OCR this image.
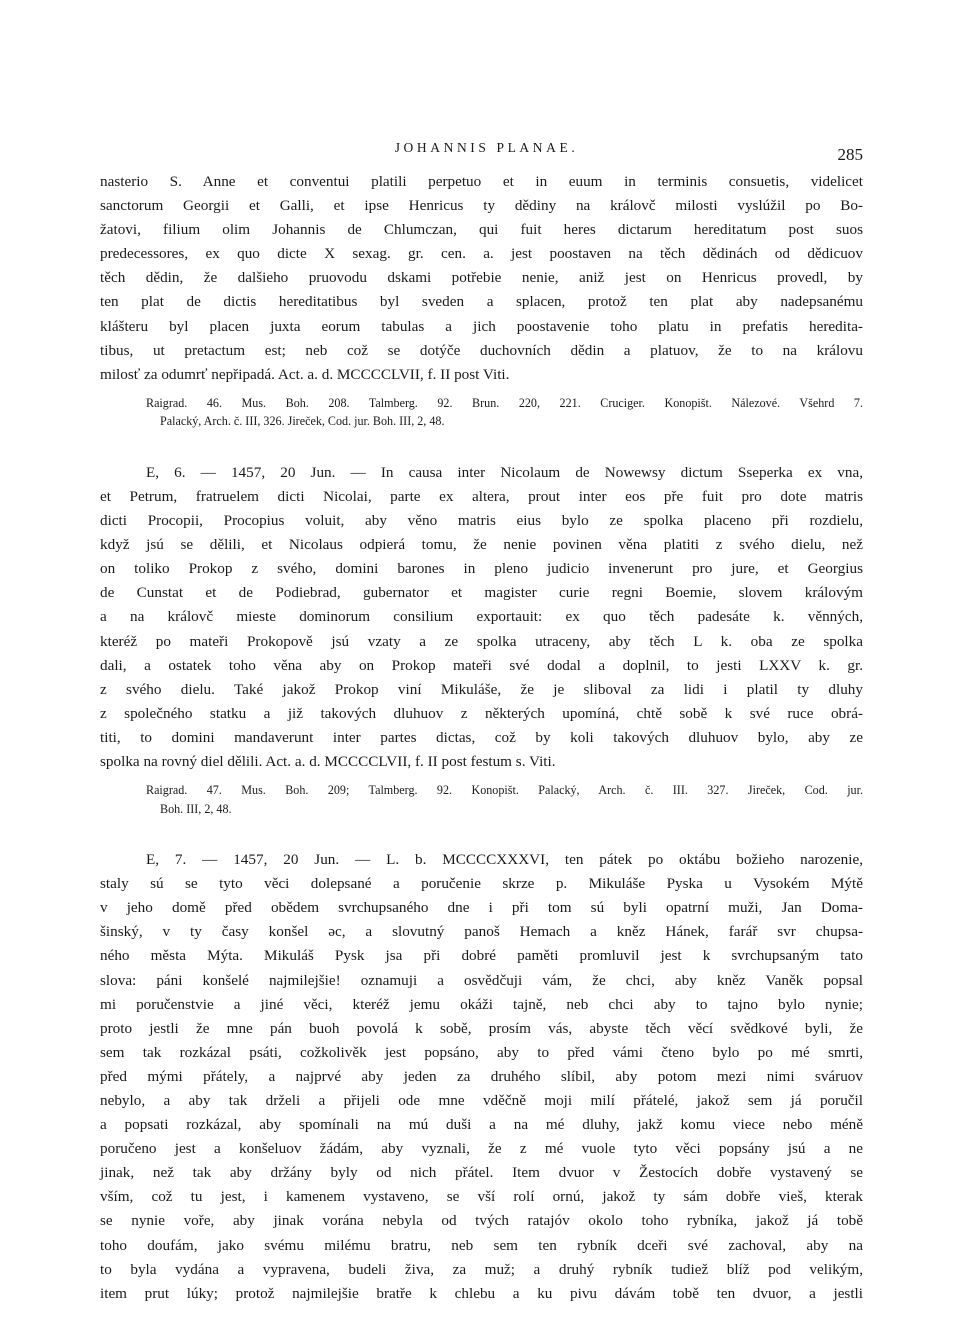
JOHANNIS PLANAE.	285
nasterio S. Anne et conventui platili perpetuo et in euum in terminis consuetis, videlicet
sanctorum Georgii et Galli, et ipse Henricus ty dědiny na královč milosti vyslúžil po Bo-
žatovi, filium olim Johannis de Chlumczan, qui fuit heres dictarum hereditatum post suos
predecessores, ex quo dicte X sexag. gr. cen. a. jest poostaven na těch dědinách od dědicuov
těch dědin, že dalšieho pruovodu dskami potřebie nenie, aniž jest on Henricus provedl, by
ten plat de dictis hereditatibus byl sveden a splacen, protož ten plat aby nadepsanému
klášteru byl placen juxta eorum tabulas a jich poostavenie toho platu in prefatis heredita-
tibus, ut pretactum est; neb což se dotýče duchovních dědin a platuov, že to na královu
milosť za odumrť nepřipadá. Act. a. d. MCCCCLVII, f. II post Viti.
Raigrad. 46. Mus. Boh. 208. Talmberg. 92. Brun. 220, 221. Cruciger. Konopišt. Nálezové. Všehrd 7.
Palacký, Arch. č. III, 326. Jireček, Cod. jur. Boh. III, 2, 48.
E, 6. — 1457, 20 Jun. — In causa inter Nicolaum de Nowewsy dictum Sseperka ex vna,
et Petrum, fratruelem dicti Nicolai, parte ex altera, prout inter eos pře fuit pro dote matris
dicti Procopii, Procopius voluit, aby věno matris eius bylo ze spolka placeno při rozdielu,
když jsú se dělili, et Nicolaus odpierá tomu, že nenie povinen věna platiti z svého dielu, než
on toliko Prokop z svého, domini barones in pleno judicio invenerunt pro jure, et Georgius
de Cunstat et de Podiebrad, gubernator et magister curie regni Boemie, slovem královým
a na královč mieste dominorum consilium exportauit: ex quo těch padesáte k. věnných,
kteréž po mateři Prokopově jsú vzaty a ze spolka utraceny, aby těch L k. oba ze spolka
dali, a ostatek toho věna aby on Prokop mateři své dodal a doplnil, to jesti LXXV k. gr.
z svého dielu. Také jakož Prokop viní Mikuláše, že je sliboval za lidi i platil ty dluhy
z společného statku a již takových dluhuov z některých upomíná, chtě sobě k své ruce obrá-
titi, to domini mandaverunt inter partes dictas, což by koli takových dluhuov bylo, aby ze
spolka na rovný diel dělili. Act. a. d. MCCCCLVII, f. II post festum s. Viti.
Raigrad. 47. Mus. Boh. 209; Talmberg. 92. Konopišt. Palacký, Arch. č. III. 327. Jireček, Cod. jur.
Boh. III, 2, 48.
E, 7. — 1457, 20 Jun. — L. b. MCCCCXXXVI, ten pátek po oktábu božieho narozenie,
staly sú se tyto věci dolepsané a poručenie skrze p. Mikuláše Pyska u Vysokém Mýtě
v jeho domě před obědem svrchupsaného dne i při tom sú byli opatrní muži, Jan Doma-
šinský, v ty časy konšel ǝc, a slovutný panoš Hemach a kněz Hánek, farář svr chupsa-
ného města Mýta. Mikuláš Pysk jsa při dobré paměti promluvil jest k svrchupsaným tato
slova: páni konšelé najmilejšie! oznamuji a osvědčuji vám, že chci, aby kněz Vaněk popsal
mi poručenstvie a jiné věci, kteréž jemu okáži tajně, neb chci aby to tajno bylo nynie;
proto jestli že mne pán buoh povolá k sobě, prosím vás, abyste těch věcí svědkové byli, že
sem tak rozkázal psáti, cožkolivěk jest popsáno, aby to před vámi čteno bylo po mé smrti,
před mými přátely, a najprvé aby jeden za druhého slíbil, aby potom mezi nimi sváruov
nebylo, a aby tak drželi a přijeli ode mne vděčně moji milí přátelé, jakož sem já poručil
a popsati rozkázal, aby spomínali na mú duši a na mé dluhy, jakž komu viece nebo méně
poručeno jest a konšeluov žádám, aby vyznali, že z mé vuole tyto věci popsány jsú a ne
jinak, než tak aby držány byly od nich přátel. Item dvuor v Žestocích dobře vystavený se
vším, což tu jest, i kamenem vystaveno, se vší rolí ornú, jakož ty sám dobře vieš, kterak
se nynie voře, aby jinak vorána nebyla od tvých ratajóv okolo toho rybníka, jakož já tobě
toho doufám, jako svému milému bratru, neb sem ten rybník dceři své zachoval, aby na
to byla vydána a vypravena, budeli živa, za muž; a druhý rybník tudiež blíž pod velikým,
item prut lúky; protož najmilejšie bratře k chlebu a ku pivu dávám tobě ten dvuor, a jestli
